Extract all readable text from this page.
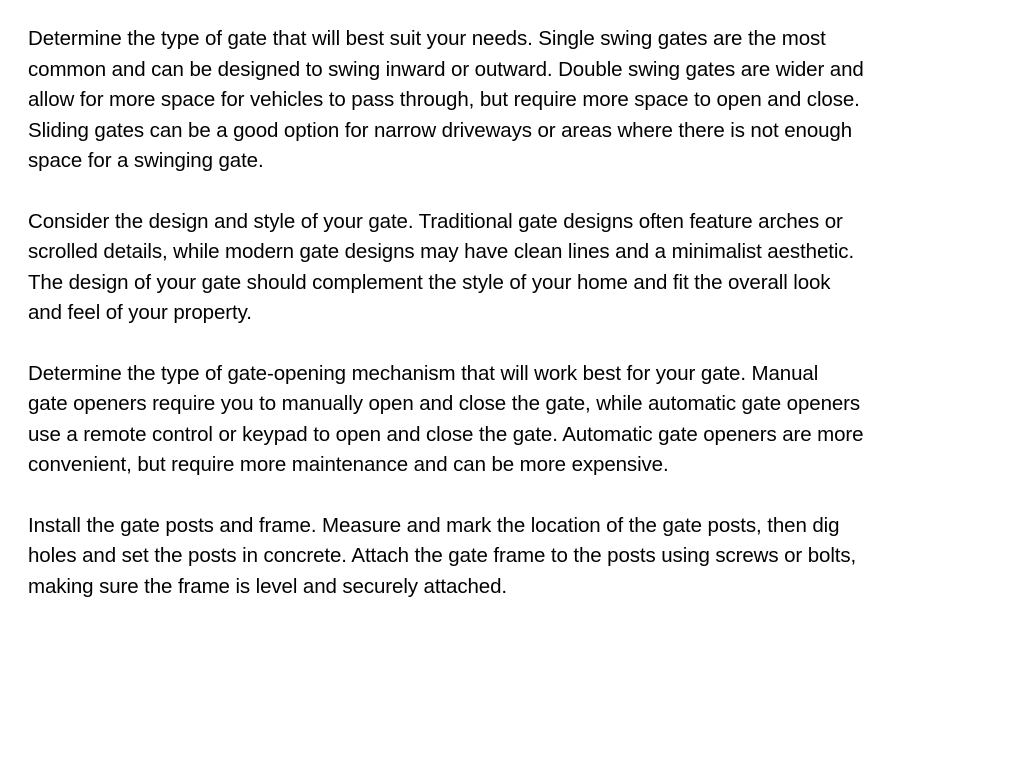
Determine the type of gate that will best suit your needs. Single swing gates are the most
common and can be designed to swing inward or outward. Double swing gates are wider and
allow for more space for vehicles to pass through, but require more space to open and close.
Sliding gates can be a good option for narrow driveways or areas where there is not enough
space for a swinging gate.

Consider the design and style of your gate. Traditional gate designs often feature arches or
scrolled details, while modern gate designs may have clean lines and a minimalist aesthetic.
The design of your gate should complement the style of your home and fit the overall look
and feel of your property.

Determine the type of gate-opening mechanism that will work best for your gate. Manual
gate openers require you to manually open and close the gate, while automatic gate openers
use a remote control or keypad to open and close the gate. Automatic gate openers are more
convenient, but require more maintenance and can be more expensive.

Install the gate posts and frame. Measure and mark the location of the gate posts, then dig
holes and set the posts in concrete. Attach the gate frame to the posts using screws or bolts,
making sure the frame is level and securely attached.
